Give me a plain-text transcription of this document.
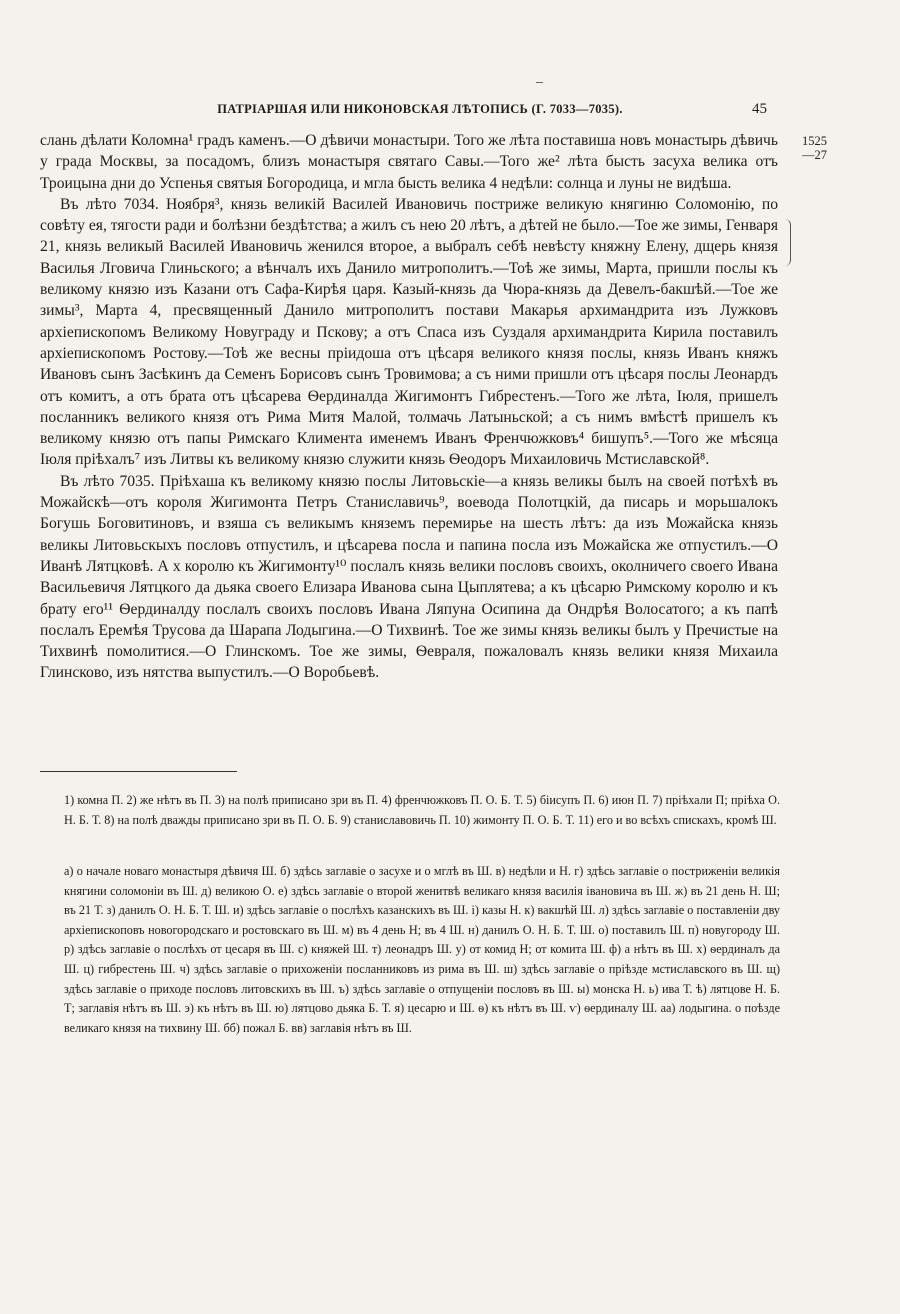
ПАТРІАРШАЯ ИЛИ НИКОНОВСКАЯ ЛѢТОПИСЬ (Г. 7033—7035).	45
1525
—27

слань дѣлати Коломна¹ градъ каменъ.—О дѣвичи монастыри. Того же лѣта поставиша новъ монастырь дѣвичь у града Москвы, за посадомъ, близъ монастыря святаго Савы.—Того же² лѣта бысть засуха велика отъ Троицына дни до Успенья святыя Богородица, и мгла бысть велика 4 недѣли: солнца и луны не видѣша.

Въ лѣто 7034. Ноября³, князь великій Василей Ивановичь постриже великую княгиню Соломонію, по совѣту ея, тягости ради и болѣзни бездѣтства; а жилъ съ нею 20 лѣтъ, а дѣтей не было.—Тое же зимы, Генваря 21, князь великый Василей Ивановичь женился второе, а выбралъ себѣ невѣсту княжну Елену, дщерь князя Василья Лговича Глиньского; а вѣнчалъ ихъ Данило митрополитъ.—Тоѣ же зимы, Марта, пришли послы къ великому князю изъ Казани отъ Сафа-Кирѣя царя. Казый-князь да Чюра-князь да Девелъ-бакшѣй.—Тое же зимы³, Марта 4, пресвященный Данило митрополитъ постави Макарья архимандрита изъ Лужковъ архіепископомъ Великому Новуграду и Пскову; а отъ Спаса изъ Суздаля архимандрита Кирила поставилъ архіепископомъ Ростову.—Тоѣ же весны пріидоша отъ цѣсаря великого князя послы, князь Иванъ княжъ Ивановъ сынъ Засѣкинъ да Семенъ Борисовъ сынъ Тровимова; а съ ними пришли отъ цѣсаря послы Леонардъ отъ комитъ, а отъ брата отъ цѣсарева Ѳердиналда Жигимонтъ Гибрестенъ.—Того же лѣта, Іюля, пришелъ посланникъ великого князя отъ Рима Митя Малой, толмачь Латыньской; а съ нимъ вмѣстѣ пришелъ къ великому князю отъ папы Римскаго Климента именемъ Иванъ Френчюжковъ⁴ бишупъ⁵.—Того же мѣсяца Іюля пріѣхалъ⁷ изъ Литвы къ великому князю служити князь Ѳеодоръ Михаиловичь Мстиславской⁸.

Въ лѣто 7035. Пріѣхаша къ великому князю послы Литовьскіе—а князь великы былъ на своей потѣхѣ въ Можайскѣ—отъ короля Жигимонта Петръ Станиславичь⁹, воевода Полотцкій, да писарь и морьшалокъ Богушь Боговитиновъ, и взяша съ великымъ княземъ перемирье на шесть лѣтъ: да изъ Можайска князь великы Литовьскыхъ пословъ отпустилъ, и цѣсарева посла и папина посла изъ Можайска же отпустилъ.—О Иванѣ Лятцковѣ. А х королю къ Жигимонту¹⁰ послалъ князь велики пословъ своихъ, околничего своего Ивана Васильевичя Лятцкого да дьяка своего Елизара Иванова сына Цыплятева; а къ цѣсарю Римскому королю и къ брату его¹¹ Ѳердиналду послалъ своихъ пословъ Ивана Ляпуна Осипина да Ондрѣя Волосатого; а къ папѣ послалъ Еремѣя Трусова да Шарапа Лодыгина.—О Тихвинѣ. Тое же зимы князь великы былъ у Пречистые на Тихвинѣ помолитися.—О Глинскомъ. Тое же зимы, Ѳевраля, пожаловалъ князь велики князя Михаила Глинсково, изъ нятства выпустилъ.—О Воробьевѣ.

1) комна П. 2) же нѣтъ въ П. 3) на полѣ приписано зри въ П. 4) френчюжковъ П. О. Б. Т. 5) біисупъ П. 6) июн П. 7) пріѣхали П; пріѣха О. Н. Б. Т. 8) на полѣ дважды приписано зри въ П. О. Б. 9) станиславовичь П. 10) жимонту П. О. Б. Т. 11) его и во всѣхъ спискахъ, кромѣ Ш.

а) о начале новаго монастыря дѣвичя Ш. б) здѣсь заглавіе о засухе и о мглѣ въ Ш. в) недѣли и Н. г) здѣсь заглавіе о постриженіи великія княгини соломоніи въ Ш. д) великою О. е) здѣсь заглавіе о второй женитвѣ великаго князя василія івановича въ Ш. ж) въ 21 день Н. Ш; въ 21 Т. з) данилъ О. Н. Б. Т. Ш. и) здѣсь заглавіе о послѣхъ казанскихъ въ Ш. і) казы Н. к) вакшѣй Ш. л) здѣсь заглавіе о поставленіи дву архіепископовъ новогородскаго и ростовскаго въ Ш. м) въ 4 день Н; въ 4 Ш. н) данилъ О. Н. Б. Т. Ш. о) поставилъ Ш. п) новугороду Ш. р) здѣсь заглавіе о послѣхъ от цесаря въ Ш. с) княжей Ш. т) леонадръ Ш. у) от комид Н; от комита Ш. ф) а нѣтъ въ Ш. х) ѳердиналъ да Ш. ц) гибрестень Ш. ч) здѣсь заглавіе о прихоженіи посланниковъ из рима въ Ш. ш) здѣсь заглавіе о пріѣзде мстиславского въ Ш. щ) здѣсь заглавіе о приходе пословъ литовскихъ въ Ш. ъ) здѣсь заглавіе о отпущеніи пословъ въ Ш. ы) монска Н. ь) ива Т. ѣ) лятцове Н. Б. Т; заглавія нѣтъ въ Ш. э) къ нѣтъ въ Ш. ю) лятцово дьяка Б. Т. я) цесарю и Ш. ѳ) къ нѣтъ въ Ш. ѵ) ѳердиналу Ш. аа) лодыгина. о поѣзде великаго князя на тихвину Ш. бб) пожал Б. вв) заглавія нѣтъ въ Ш.
